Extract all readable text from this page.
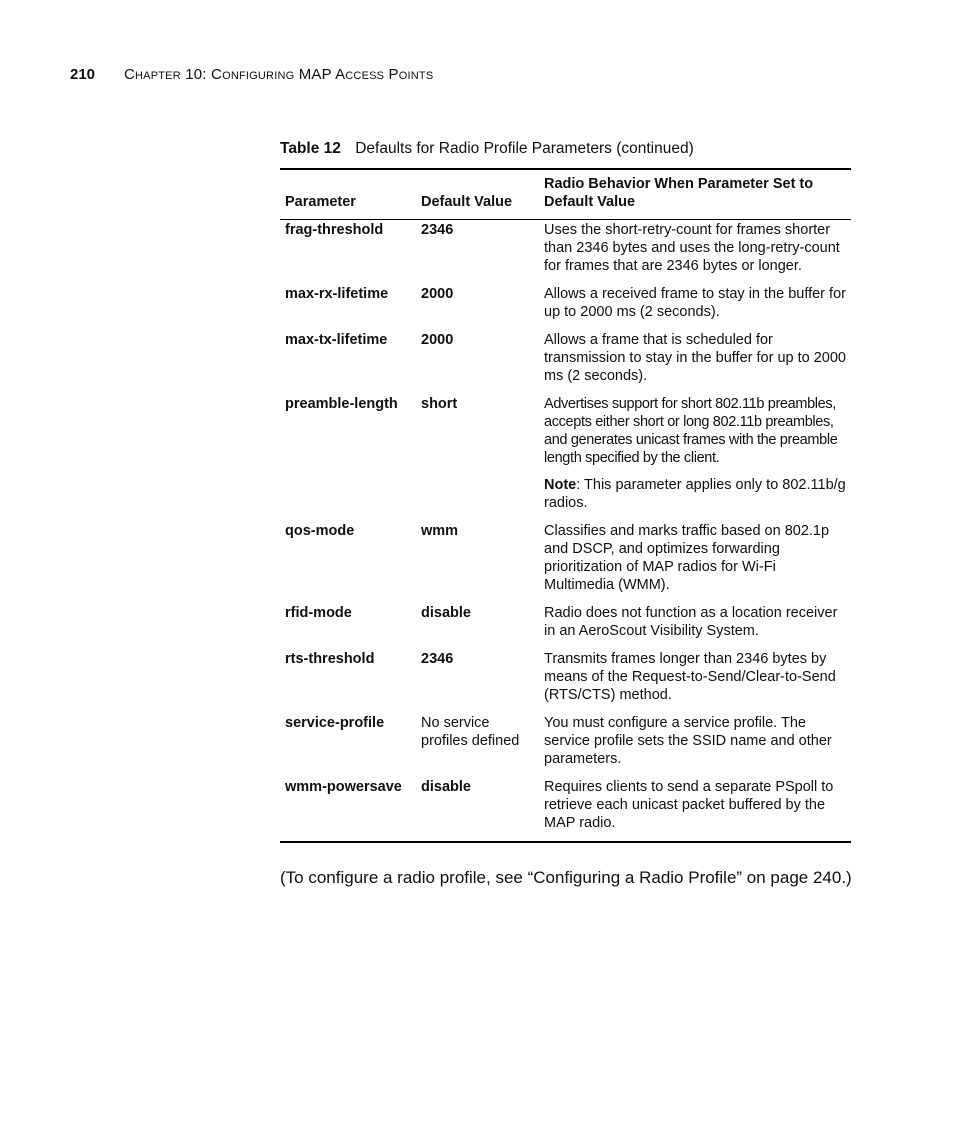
210	Chapter 10: Configuring MAP Access Points
Table 12 Defaults for Radio Profile Parameters (continued)
Parameter	Default Value	Radio Behavior When Parameter Set to Default Value
frag-threshold	2346	Uses the short-retry-count for frames shorter than 2346 bytes and uses the long-retry-count for frames that are 2346 bytes or longer.
max-rx-lifetime	2000	Allows a received frame to stay in the buffer for up to 2000 ms (2 seconds).
max-tx-lifetime	2000	Allows a frame that is scheduled for transmission to stay in the buffer for up to 2000 ms (2 seconds).
preamble-length	short	Advertises support for short 802.11b preambles, accepts either short or long 802.11b preambles, and generates unicast frames with the preamble length specified by the client.
Note: This parameter applies only to 802.11b/g radios.

qos-mode	wmm	Classifies and marks traffic based on 802.1p and DSCP, and optimizes forwarding prioritization of MAP radios for Wi-Fi Multimedia (WMM).
rfid-mode	disable	Radio does not function as a location receiver in an AeroScout Visibility System.
rts-threshold	2346	Transmits frames longer than 2346 bytes by means of the Request-to-Send/Clear-to-Send (RTS/CTS) method.
service-profile	No service profiles defined	You must configure a service profile. The service profile sets the SSID name and other parameters.
wmm-powersave	disable	Requires clients to send a separate PSpoll to retrieve each unicast packet buffered by the MAP radio.
(To configure a radio profile, see “Configuring a Radio Profile” on page 240.)
